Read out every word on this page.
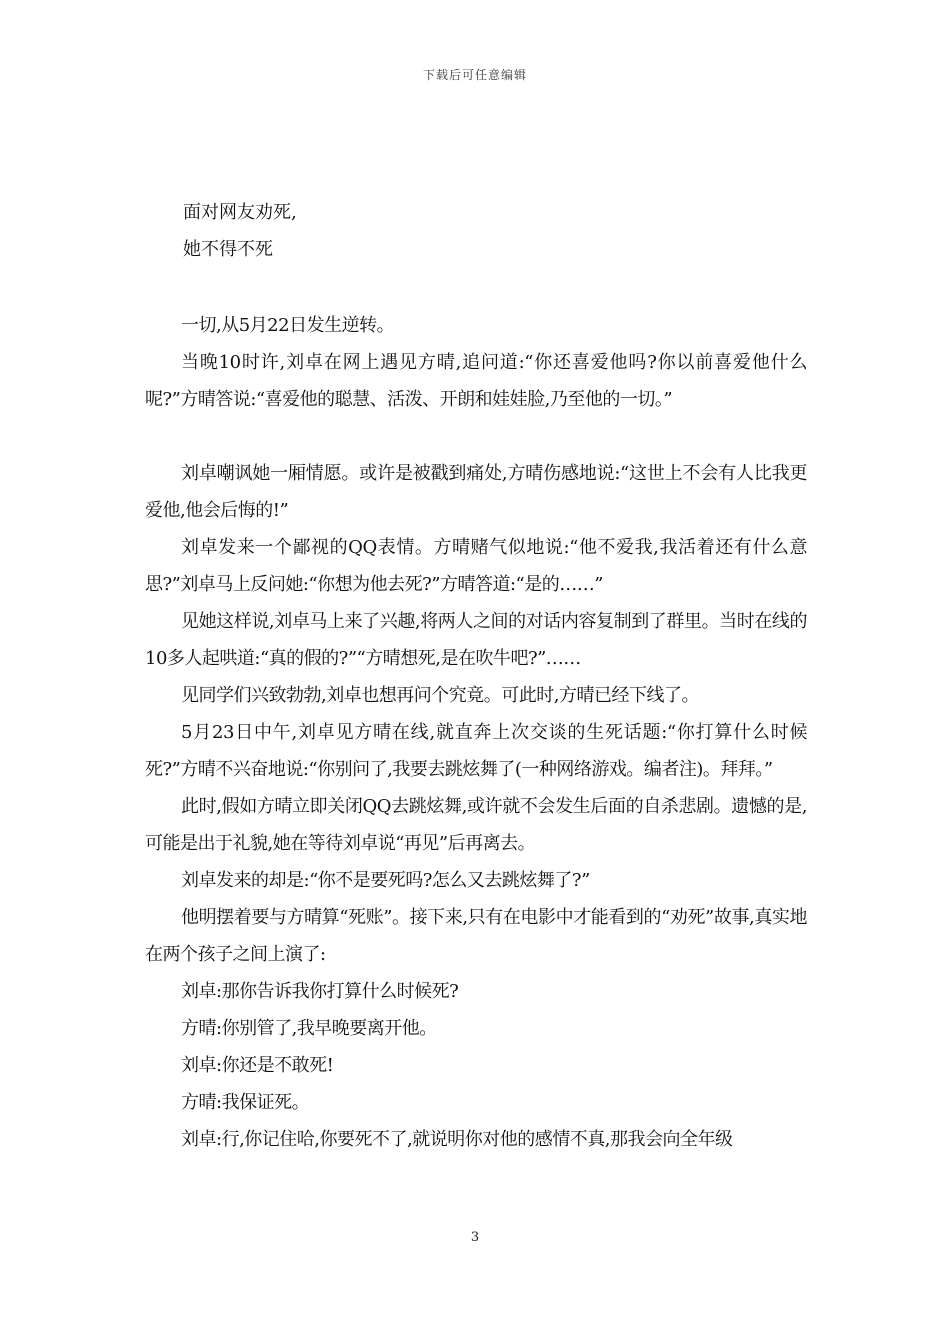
下载后可任意编辑
面对网友劝死,
她不得不死

一切,从5月22日发生逆转。

当晚10时许,刘卓在网上遇见方晴,追问道:“你还喜爱他吗?你以前喜爱他什么呢?”方晴答说:“喜爱他的聪慧、活泼、开朗和娃娃脸,乃至他的一切。”

刘卓嘲讽她一厢情愿。或许是被戳到痛处,方晴伤感地说:“这世上不会有人比我更爱他,他会后悔的!”

刘卓发来一个鄙视的QQ表情。方晴赌气似地说:“他不爱我,我活着还有什么意思?”刘卓马上反问她:“你想为他去死?”方晴答道:“是的……”

见她这样说,刘卓马上来了兴趣,将两人之间的对话内容复制到了群里。当时在线的10多人起哄道:“真的假的?”“方晴想死,是在吹牛吧?”……

见同学们兴致勃勃,刘卓也想再问个究竟。可此时,方晴已经下线了。

5月23日中午,刘卓见方晴在线,就直奔上次交谈的生死话题:“你打算什么时候死?”方晴不兴奋地说:“你别问了,我要去跳炫舞了(一种网络游戏。编者注)。拜拜。”

此时,假如方晴立即关闭QQ去跳炫舞,或许就不会发生后面的自杀悲剧。遗憾的是,可能是出于礼貌,她在等待刘卓说“再见”后再离去。

刘卓发来的却是:“你不是要死吗?怎么又去跳炫舞了?”

他明摆着要与方晴算“死账”。接下来,只有在电影中才能看到的“劝死”故事,真实地在两个孩子之间上演了:

刘卓:那你告诉我你打算什么时候死?

方晴:你别管了,我早晚要离开他。

刘卓:你还是不敢死!

方晴:我保证死。

刘卓:行,你记住哈,你要死不了,就说明你对他的感情不真,那我会向全年级

3
